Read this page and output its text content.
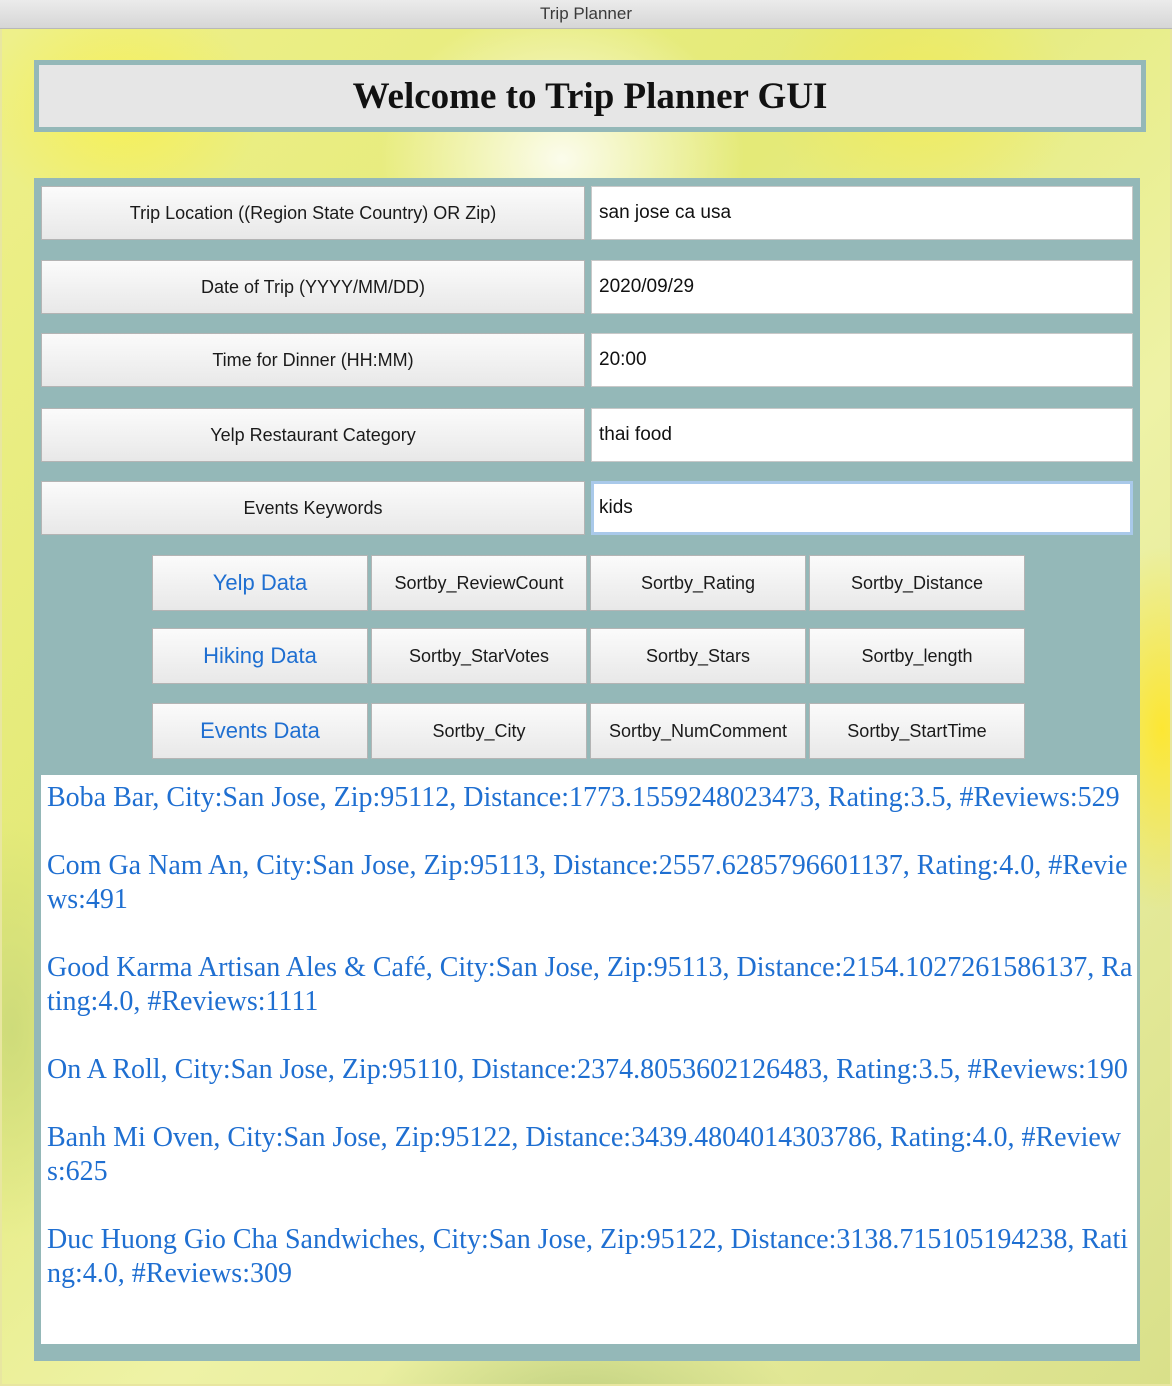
Trip Planner
Welcome to Trip Planner GUI
Trip Location ((Region State Country) OR Zip)
san jose ca usa
Date of Trip (YYYY/MM/DD)
2020/09/29
Time for Dinner (HH:MM)
20:00
Yelp Restaurant Category
thai food
Events Keywords
kids
Yelp Data	Sortby_ReviewCount	Sortby_Rating	Sortby_Distance
Hiking Data	Sortby_StarVotes	Sortby_Stars	Sortby_length
Events Data	Sortby_City	Sortby_NumComment	Sortby_StartTime
Boba Bar, City:San Jose, Zip:95112, Distance:1773.1559248023473, Rating:3.5, #Reviews:529
Com Ga Nam An, City:San Jose, Zip:95113, Distance:2557.6285796601137, Rating:4.0, #Reviews:491
Good Karma Artisan Ales & Café, City:San Jose, Zip:95113, Distance:2154.1027261586137, Rating:4.0, #Reviews:1111
On A Roll, City:San Jose, Zip:95110, Distance:2374.8053602126483, Rating:3.5, #Reviews:190
Banh Mi Oven, City:San Jose, Zip:95122, Distance:3439.4804014303786, Rating:4.0, #Reviews:625
Duc Huong Gio Cha Sandwiches, City:San Jose, Zip:95122, Distance:3138.715105194238, Rating:4.0, #Reviews:309
